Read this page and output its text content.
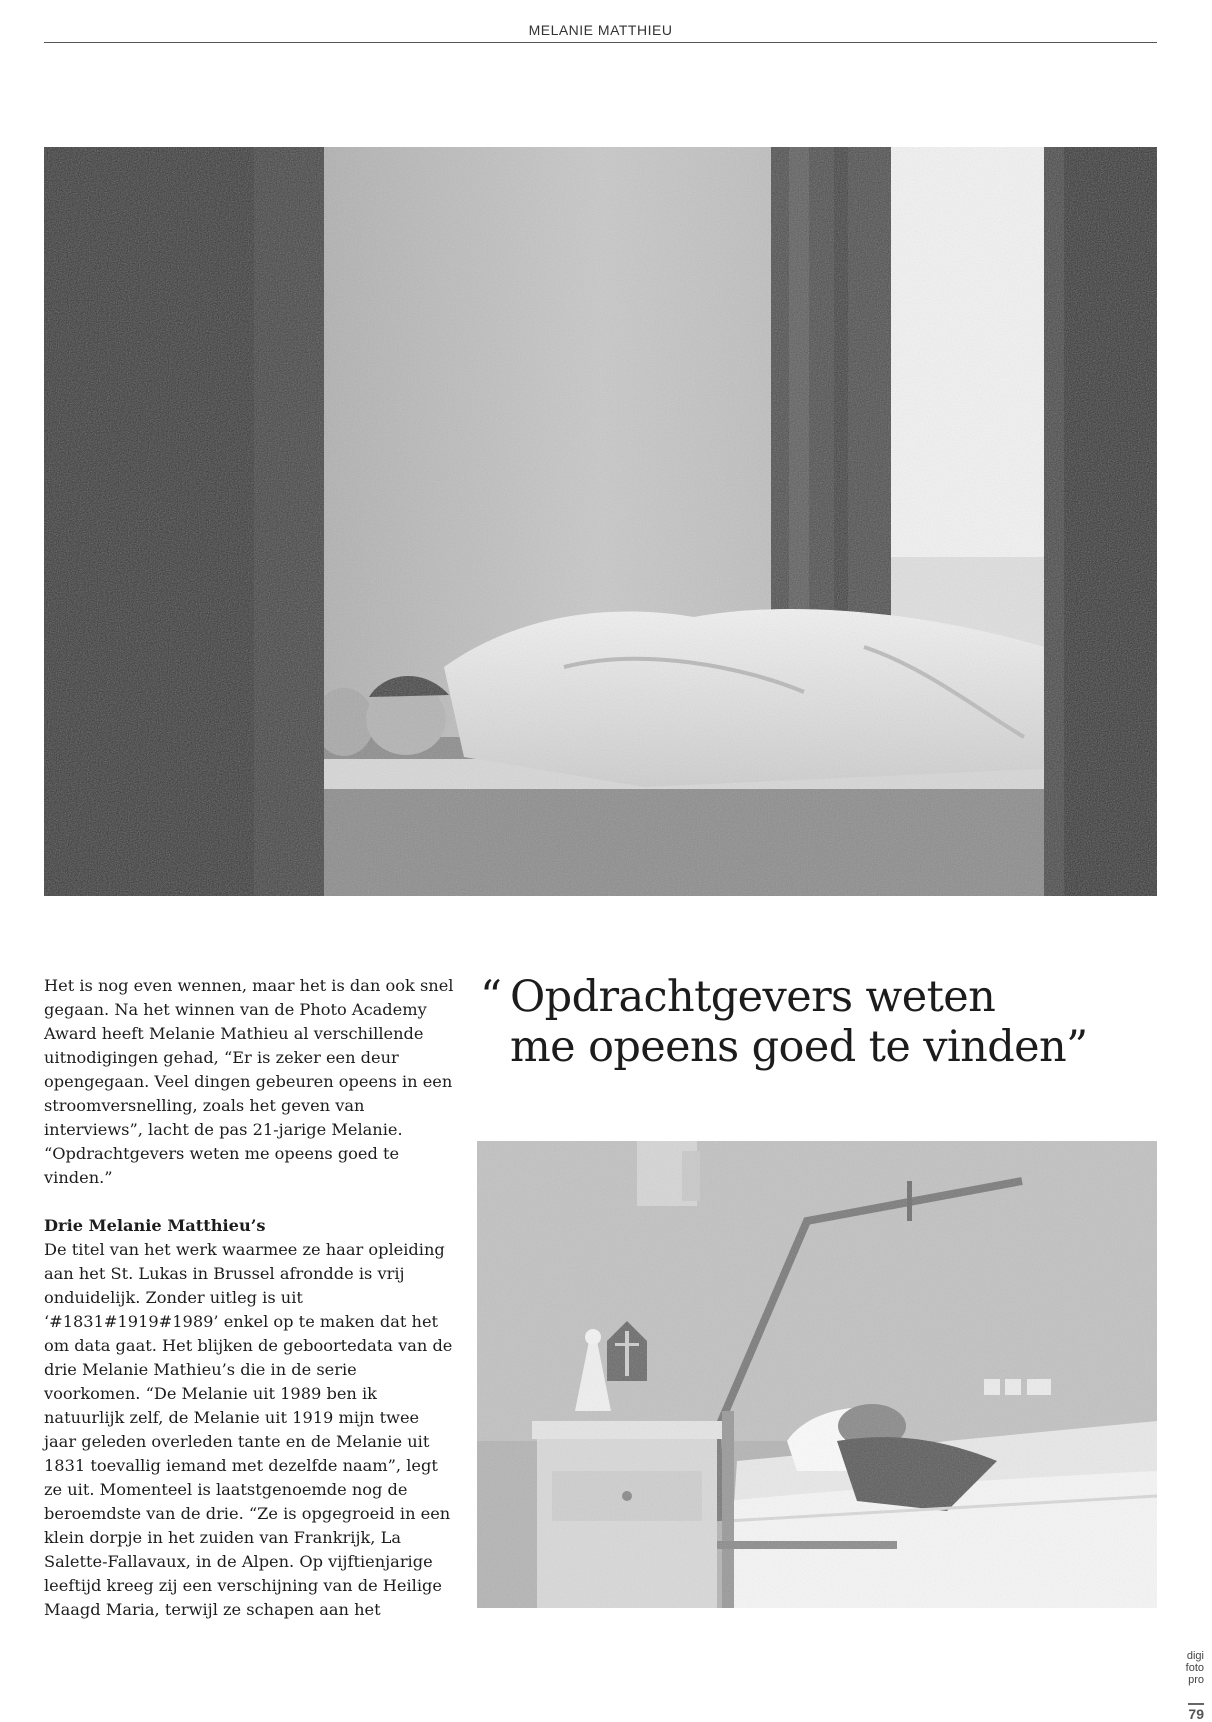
MELANIE MATTHIEU

Het is nog even wennen, maar het is dan ook snel gegaan. Na het winnen van de Photo Academy Award heeft Melanie Mathieu al verschillende uitnodigingen gehad, “Er is zeker een deur opengegaan. Veel dingen gebeuren opeens in een stroomversnelling, zoals het geven van interviews”, lacht de pas 21-jarige Melanie. “Opdrachtgevers weten me opeens goed te vinden.”

Drie Melanie Matthieu’s

De titel van het werk waarmee ze haar opleiding aan het St. Lukas in Brussel afrondde is vrij onduidelijk. Zonder uitleg is uit ‘#1831#1919#1989’ enkel op te maken dat het om data gaat. Het blijken de geboortedata van de drie Melanie Mathieu’s die in de serie voorkomen. “De Melanie uit 1989 ben ik natuurlijk zelf, de Melanie uit 1919 mijn twee jaar geleden overleden tante en de Melanie uit 1831 toevallig iemand met dezelfde naam”, legt ze uit. Momenteel is laatstgenoemde nog de beroemdste van de drie. “Ze is opgegroeid in een klein dorpje in het zuiden van Frankrijk, La Salette-Fallavaux, in de Alpen. Op vijftienjarige leeftijd kreeg zij een verschijning van de Heilige Maagd Maria, terwijl ze schapen aan het

“ Opdrachtgevers weten
me opeens goed te vinden”
digi
foto
pro
79
